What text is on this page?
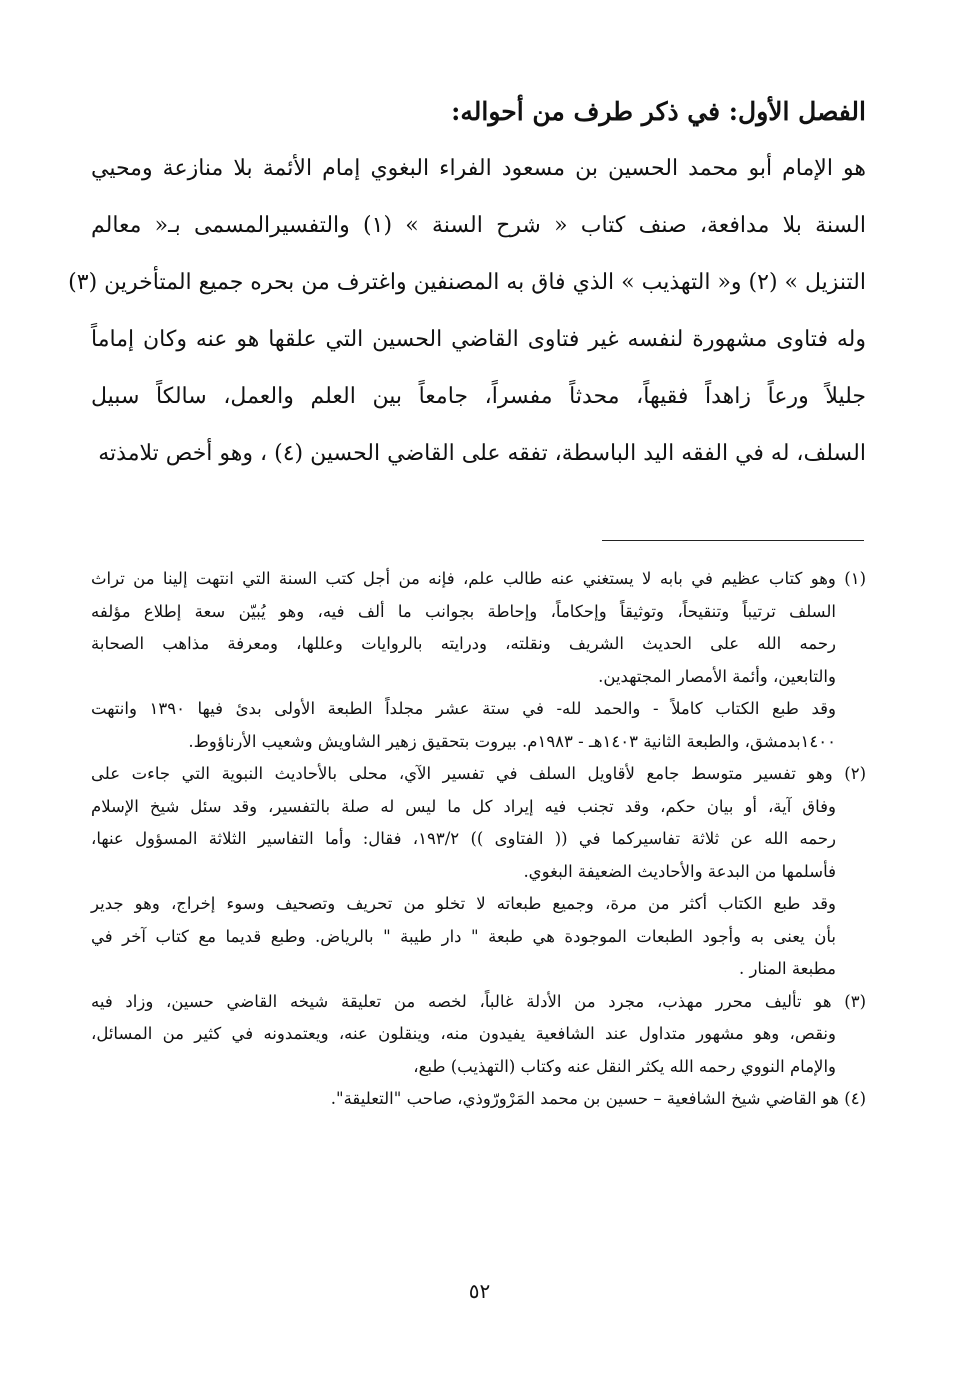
الفصل الأول: في ذكر طرف من أحواله:
هو الإمام أبو محمد الحسين بن مسعود الفراء البغوي إمام الأئمة بلا منازعة ومحيي
السنة بلا مدافعة، صنف كتاب « شرح السنة » (١) والتفسيرالمسمى بـ« معالم
التنزيل » (٢) و« التهذيب » الذي فاق به المصنفين واغترف من بحره جميع المتأخرين (٣)
وله فتاوى مشهورة لنفسه غير فتاوى القاضي الحسين التي علقها هو عنه وكان إماماً
جليلاً ورعاً زاهداً فقيهاً، محدثاً مفسراً، جامعاً بين العلم والعمل، سالكاً سبيل
السلف، له في الفقه اليد الباسطة، تفقه على القاضي الحسين (٤) ، وهو أخص تلامذته
(١) وهو كتاب عظيم في بابه لا يستغني عنه طالب علم، فإنه من أجل كتب السنة التي انتهت إلينا من تراث
السلف ترتيباً وتنقيحاً، وتوثيقاً وإحكاماً، وإحاطة بجوانب ما ألف فيه، وهو يُبيّن سعة إطلاع مؤلفه
رحمه الله على الحديث الشريف ونقلته، ودرايته بالروايات وعللها، ومعرفة مذاهب الصحابة
والتابعين، وأئمة الأمصار المجتهدين.
وقد طبع الكتاب كاملاً - والحمد لله- في ستة عشر مجلداً الطبعة الأولى بدئ فيها ١٣٩٠ وانتهت
١٤٠٠بدمشق، والطبعة الثانية ١٤٠٣هـ - ١٩٨٣م. بيروت بتحقيق زهير الشاويش وشعيب الأرناؤوط.
(٢) وهو تفسير متوسط جامع لأقاويل السلف في تفسير الآي، محلى بالأحاديث النبوية التي جاءت على
وفاق آية، أو بيان حكم، وقد تجنب فيه إيراد كل ما ليس له صلة بالتفسير، وقد سئل شيخ الإسلام
رحمه الله عن ثلاثة تفاسيركما في (( الفتاوى )) ١٩٣/٢، فقال: وأما التفاسير الثلاثة المسؤول عنها،
فأسلمها من البدعة والأحاديث الضعيفة البغوي.
وقد طبع الكتاب أكثر من مرة، وجميع طبعاته لا تخلو من تحريف وتصحيف وسوء إخراج، وهو جدير
بأن يعنى به وأجود الطبعات الموجودة هي طبعة " دار طيبة " بالرياض. وطبع قديما مع كتاب آخر في
مطبعة المنار .
(٣) هو تأليف محرر مهذب، مجرد من الأدلة غالباً، لخصه من تعليقة شيخه القاضي حسين، وزاد فيه
ونقص، وهو مشهور متداول عند الشافعية يفيدون منه، وينقلون عنه، ويعتمدونه في كثير من المسائل،
والإمام النووي رحمه الله يكثر النقل عنه وكتاب (التهذيب) طبع،
(٤) هو القاضي شيخ الشافعية – حسين بن محمد المَرْورّوذي، صاحب "التعليقة".
٥٢
